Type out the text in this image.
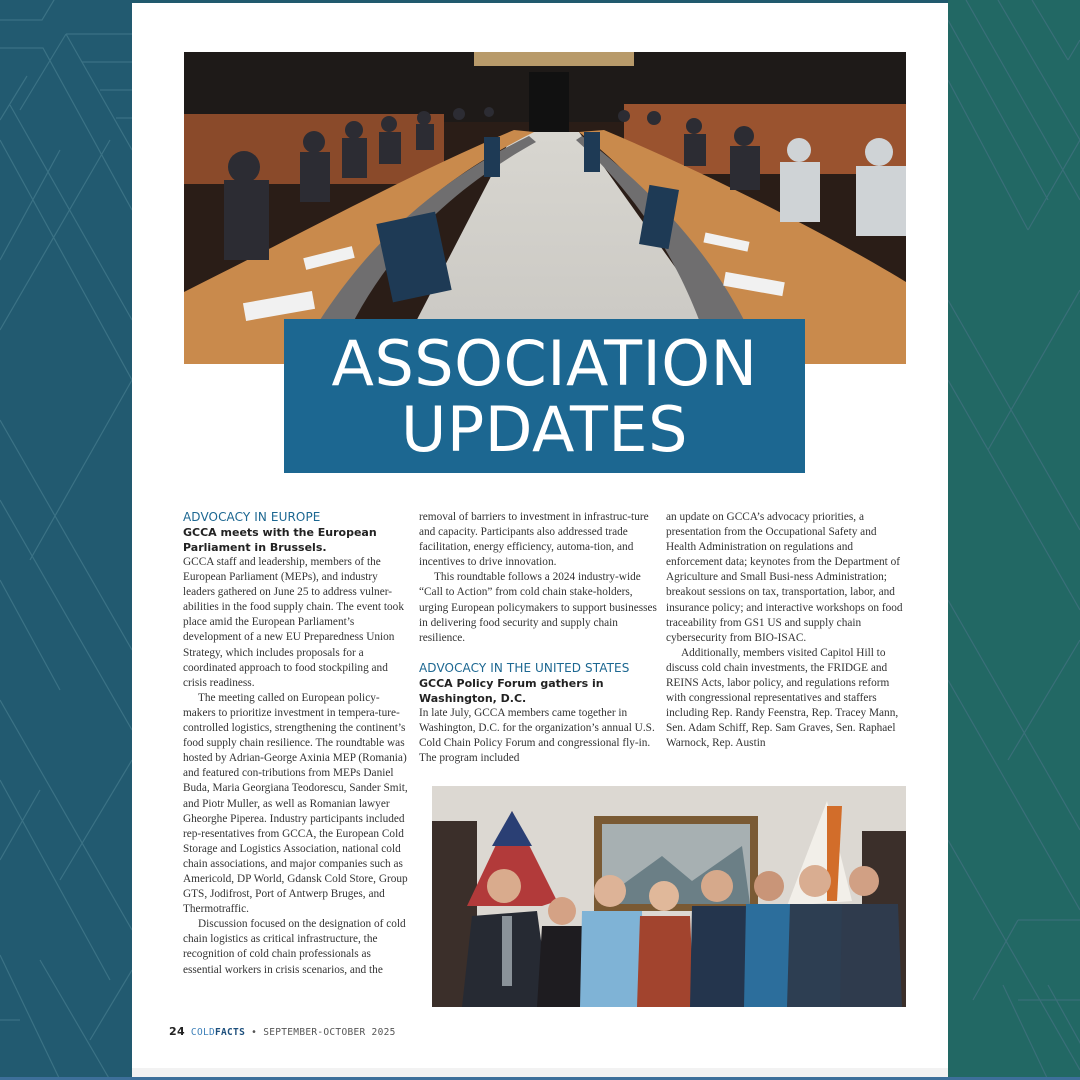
ASSOCIATION
UPDATES
ADVOCACY IN EUROPE
GCCA meets with the European Parliament in Brussels.

GCCA staff and leadership, members of the European Parliament (MEPs), and industry leaders gathered on June 25 to address vulner-abilities in the food supply chain. The event took place amid the European Parliament’s development of a new EU Preparedness Union Strategy, which includes proposals for a coordinated approach to food stockpiling and crisis readiness.

The meeting called on European policy-makers to prioritize investment in tempera-ture-controlled logistics, strengthening the continent’s food supply chain resilience. The roundtable was hosted by Adrian-George Axinia MEP (Romania) and featured con-tributions from MEPs Daniel Buda, Maria Georgiana Teodorescu, Sander Smit, and Piotr Muller, as well as Romanian lawyer Gheorghe Piperea. Industry participants included rep-resentatives from GCCA, the European Cold Storage and Logistics Association, national cold chain associations, and major companies such as Americold, DP World, Gdansk Cold Store, Group GTS, Jodifrost, Port of Antwerp Bruges, and Thermotraffic.

Discussion focused on the designation of cold chain logistics as critical infrastructure, the recognition of cold chain professionals as essential workers in crisis scenarios, and the

removal of barriers to investment in infrastruc-ture and capacity. Participants also addressed trade facilitation, energy efficiency, automa-tion, and incentives to drive innovation.

This roundtable follows a 2024 industry-wide “Call to Action” from cold chain stake-holders, urging European policymakers to support businesses in delivering food security and supply chain resilience.

ADVOCACY IN THE UNITED STATES
GCCA Policy Forum gathers in Washington, D.C.

In late July, GCCA members came together in Washington, D.C. for the organization’s annual U.S. Cold Chain Policy Forum and congressional fly-in. The program included

an update on GCCA’s advocacy priorities, a presentation from the Occupational Safety and Health Administration on regulations and enforcement data; keynotes from the Department of Agriculture and Small Busi-ness Administration; breakout sessions on tax, transportation, labor, and insurance policy; and interactive workshops on food traceability from GS1 US and supply chain cybersecurity from BIO-ISAC.

Additionally, members visited Capitol Hill to discuss cold chain investments, the FRIDGE and REINS Acts, labor policy, and regulations reform with congressional representatives and staffers including Rep. Randy Feenstra, Rep. Tracey Mann, Sen. Adam Schiff, Rep. Sam Graves, Sen. Raphael Warnock, Rep. Austin

24 COLDFACTS • SEPTEMBER-OCTOBER 2025
